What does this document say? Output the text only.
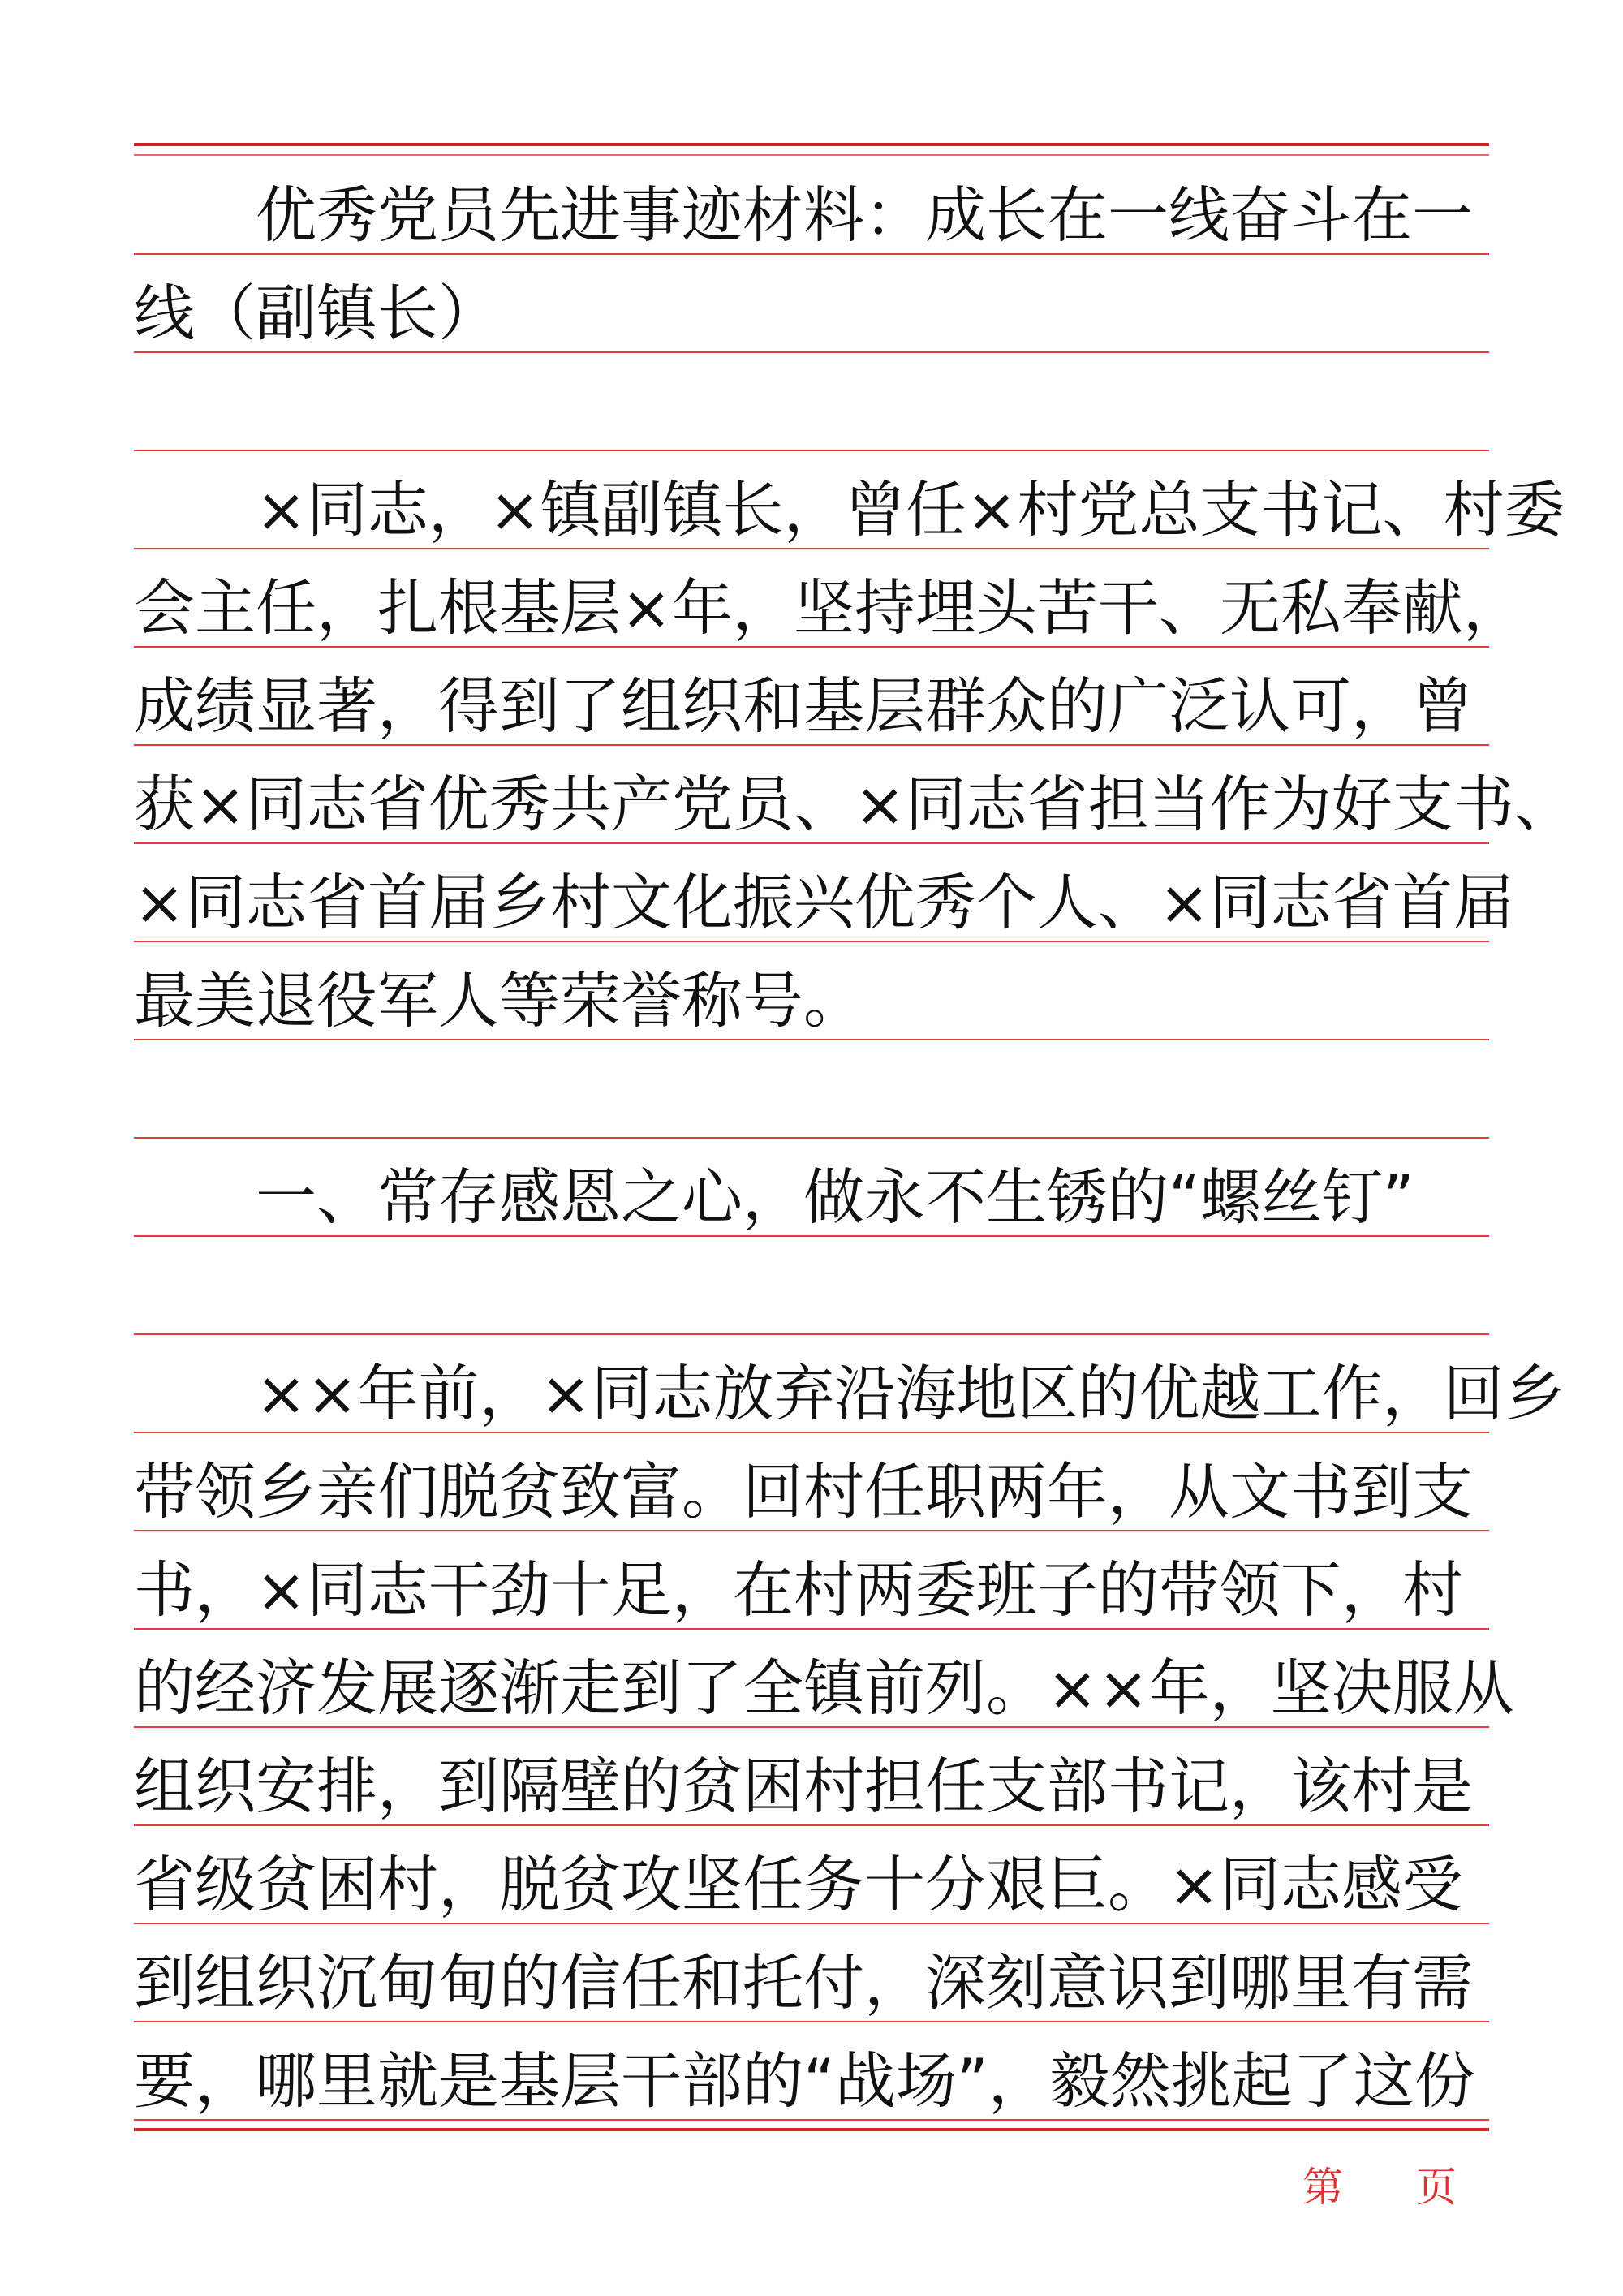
　　优秀党员先进事迹材料：成长在一线奋斗在一
线（副镇长）
　　×同志，×镇副镇长，曾任×村党总支书记、村委
会主任，扎根基层×年，坚持埋头苦干、无私奉献，
成绩显著，得到了组织和基层群众的广泛认可，曾
获×同志省优秀共产党员、×同志省担当作为好支书、
×同志省首届乡村文化振兴优秀个人、×同志省首届
最美退役军人等荣誉称号。
　　一、常存感恩之心，做永不生锈的“螺丝钉”
　　××年前，×同志放弃沿海地区的优越工作，回乡
带领乡亲们脱贫致富。回村任职两年，从文书到支
书，×同志干劲十足，在村两委班子的带领下，村
的经济发展逐渐走到了全镇前列。××年，坚决服从
组织安排，到隔壁的贫困村担任支部书记，该村是
省级贫困村，脱贫攻坚任务十分艰巨。×同志感受
到组织沉甸甸的信任和托付，深刻意识到哪里有需
要，哪里就是基层干部的“战场”，毅然挑起了这份
第 页
